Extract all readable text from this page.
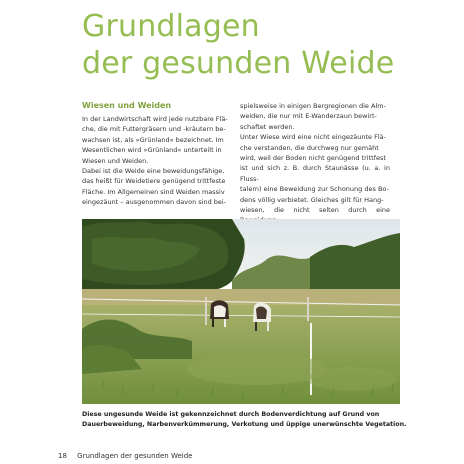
Grundlagen
der gesunden Weide
Wiesen und Weiden

In der Landwirtschaft wird jede nutzbare Flä-
che, die mit Futtergräsern und -kräutern be-
wachsen ist, als »Grünland« bezeichnet. Im
Wesentlichen wird »Grünland« unterteilt in
Wiesen und Weiden.
Dabei ist die Weide eine beweidungsfähige,
das heißt für Weidetiere genügend trittfeste
Fläche. Im Allgemeinen sind Weiden massiv
eingezäunt – ausgenommen davon sind bei-

spielsweise in einigen Bergregionen die Alm-
weiden, die nur mit E-Wanderzaun bewirt-
schaftet werden.
Unter Wiese wird eine nicht eingezäunte Flä-
che verstanden, die durchweg nur gemäht
wird, weil der Boden nicht genügend trittfest
ist und sich z. B. durch Staunässe (u. a. in Fluss-
talern) eine Beweidung zur Schonung des Bo-
dens völlig verbietet. Gleiches gilt für Hang-
wiesen, die nicht selten durch eine

Diese ungesunde Weide ist gekennzeichnet durch Bodenverdichtung auf Grund von
Dauerbeweidung, Narbenverkümmerung, Verkotung und üppige unerwünschte Vegetation.
18 Grundlagen der gesunden Weide
